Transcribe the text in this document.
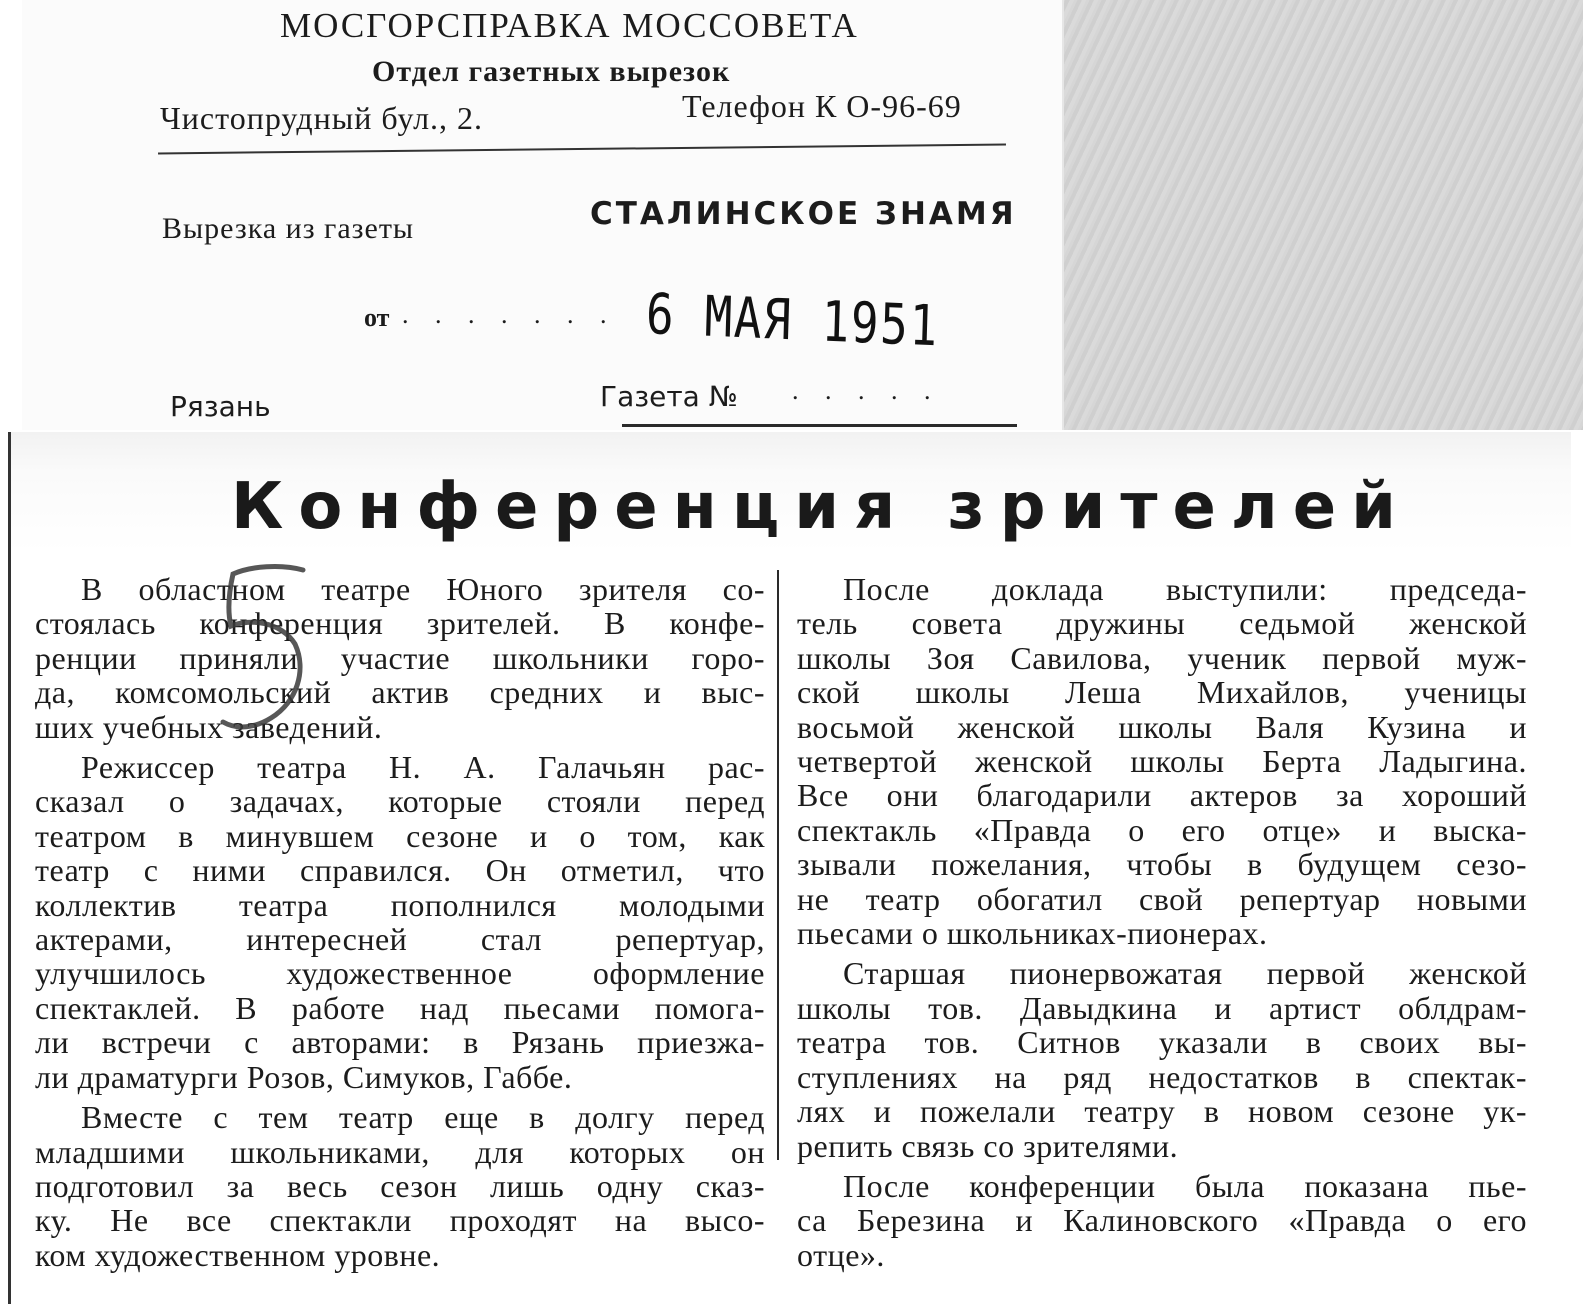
МОСГОРСПРАВКА МОССОВЕТА
Отдел газетных вырезок
Чистопрудный бул., 2.	Телефон К О-96-69
Вырезка из газеты	СТАЛИНСКОЕ ЗНАМЯ
от . . . . . . . 6 МАЯ 1951
Рязань	Газета № . . . . .
Конференция зрителей
В областном театре Юного зрителя со-
стоялась конференция зрителей. В конфе-
ренции приняли участие школьники горо-
да, комсомольский актив средних и выс-
ших учебных заведений.
Режиссер театра Н. А. Галачьян рас-
сказал о задачах, которые стояли перед
театром в минувшем сезоне и о том, как
театр с ними справился. Он отметил, что
коллектив театра пополнился молодыми
актерами, интересней стал репертуар,
улучшилось художественное оформление
спектаклей. В работе над пьесами помога-
ли встречи с авторами: в Рязань приезжа-
ли драматурги Розов, Симуков, Габбе.
Вместе с тем театр еще в долгу перед
младшими школьниками, для которых он
подготовил за весь сезон лишь одну сказ-
ку. Не все спектакли проходят на высо-
ком художественном уровне.
После доклада выступили: председа-
тель совета дружины седьмой женской
школы Зоя Савилова, ученик первой муж-
ской школы Леша Михайлов, ученицы
восьмой женской школы Валя Кузина и
четвертой женской школы Берта Ладыгина.
Все они благодарили актеров за хороший
спектакль «Правда о его отце» и выска-
зывали пожелания, чтобы в будущем сезо-
не театр обогатил свой репертуар новыми
пьесами о школьниках-пионерах.
Старшая пионервожатая первой женской
школы тов. Давыдкина и артист облдрам-
театра тов. Ситнов указали в своих вы-
ступлениях на ряд недостатков в спектак-
лях и пожелали театру в новом сезоне ук-
репить связь со зрителями.
После конференции была показана пье-
са Березина и Калиновского «Правда о его
отце».
